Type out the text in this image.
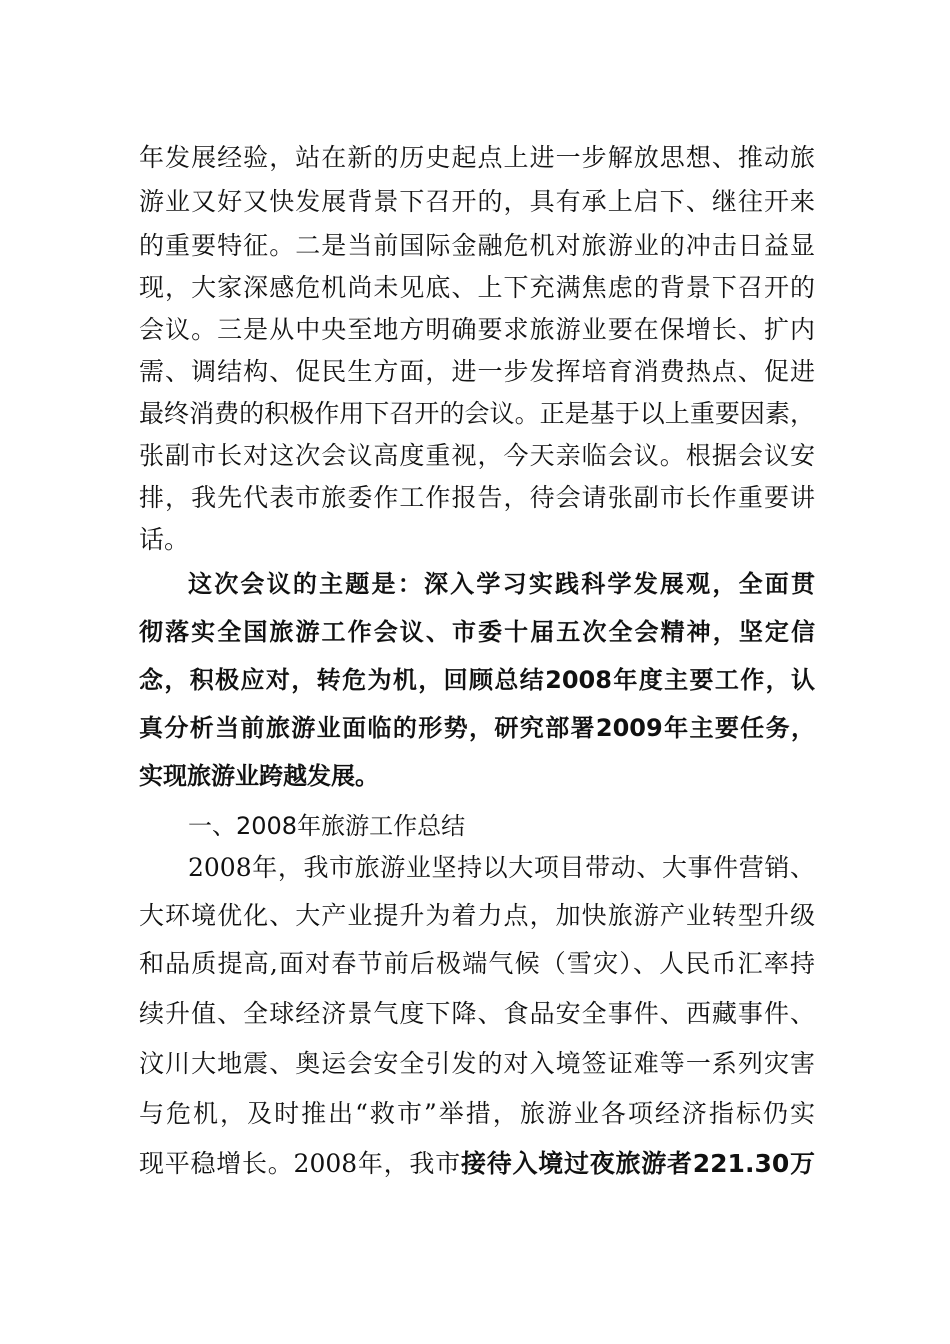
年发展经验，站在新的历史起点上进一步解放思想、推动旅
游业又好又快发展背景下召开的，具有承上启下、继往开来
的重要特征。二是当前国际金融危机对旅游业的冲击日益显
现，大家深感危机尚未见底、上下充满焦虑的背景下召开的
会议。三是从中央至地方明确要求旅游业要在保增长、扩内
需、调结构、促民生方面，进一步发挥培育消费热点、促进
最终消费的积极作用下召开的会议。正是基于以上重要因素，
张副市长对这次会议高度重视，今天亲临会议。根据会议安
排，我先代表市旅委作工作报告，待会请张副市长作重要讲
话。
这次会议的主题是：深入学习实践科学发展观，全面贯
彻落实全国旅游工作会议、市委十届五次全会精神，坚定信
念，积极应对，转危为机，回顾总结2008年度主要工作，认
真分析当前旅游业面临的形势，研究部署2009年主要任务，
实现旅游业跨越发展。
一、2008年旅游工作总结
2008年，我市旅游业坚持以大项目带动、大事件营销、
大环境优化、大产业提升为着力点，加快旅游产业转型升级
和品质提高,面对春节前后极端气候（雪灾）、人民币汇率持
续升值、全球经济景气度下降、食品安全事件、西藏事件、
汶川大地震、奥运会安全引发的对入境签证难等一系列灾害
与危机，及时推出“救市”举措，旅游业各项经济指标仍实
现平稳增长。2008年，我市接待入境过夜旅游者221.30万
